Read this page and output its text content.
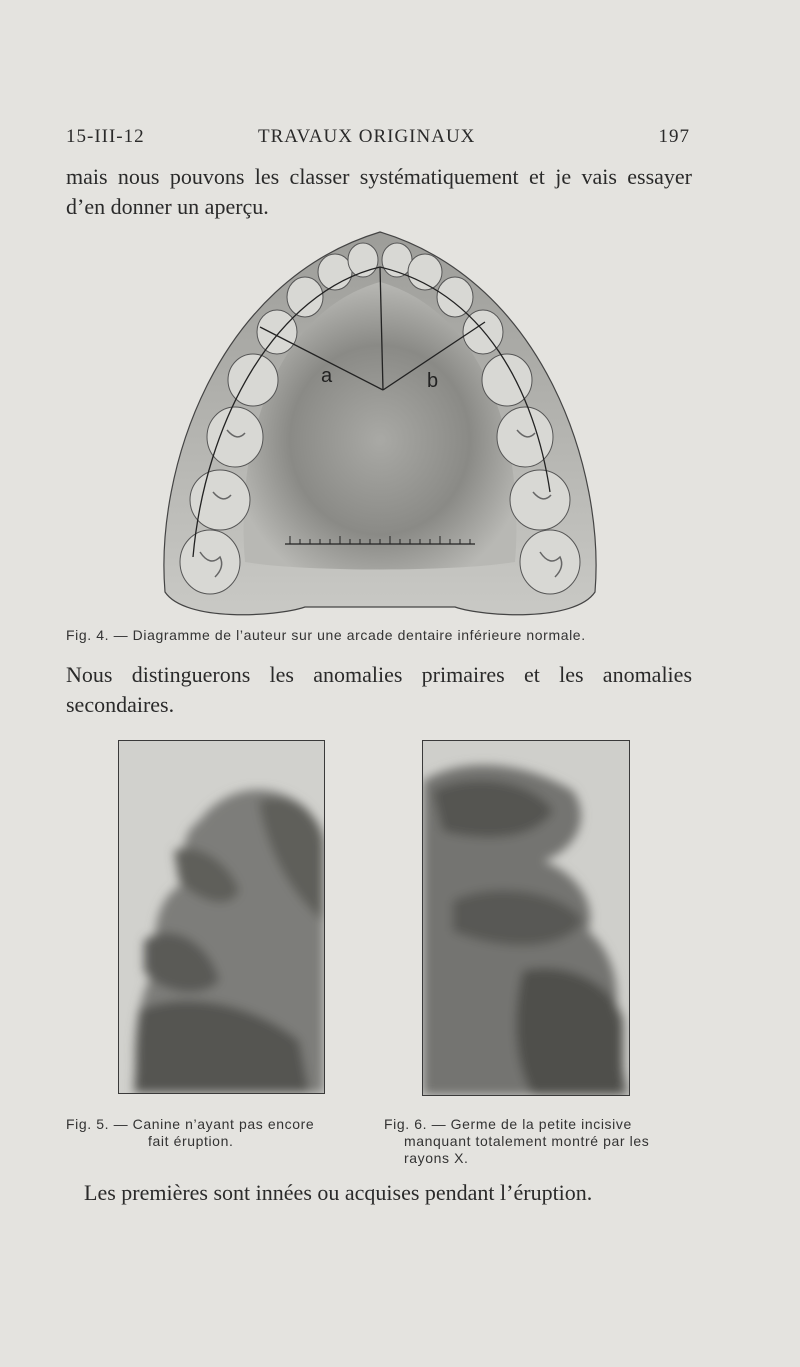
15-III-12	TRAVAUX ORIGINAUX	197
mais nous pouvons les classer systématiquement et je vais essayer d’en donner un aperçu.
a	b
Fig. 4. — Diagramme de l’auteur sur une arcade dentaire inférieure normale.
Nous distinguerons les anomalies primaires et les anomalies secondaires.
Fig. 5. — Canine n’ayant pas encore
fait éruption.
Fig. 6. — Germe de la petite incisive
manquant totalement montré par les
rayons X.
Les premières sont innées ou acquises pendant l’éruption.
